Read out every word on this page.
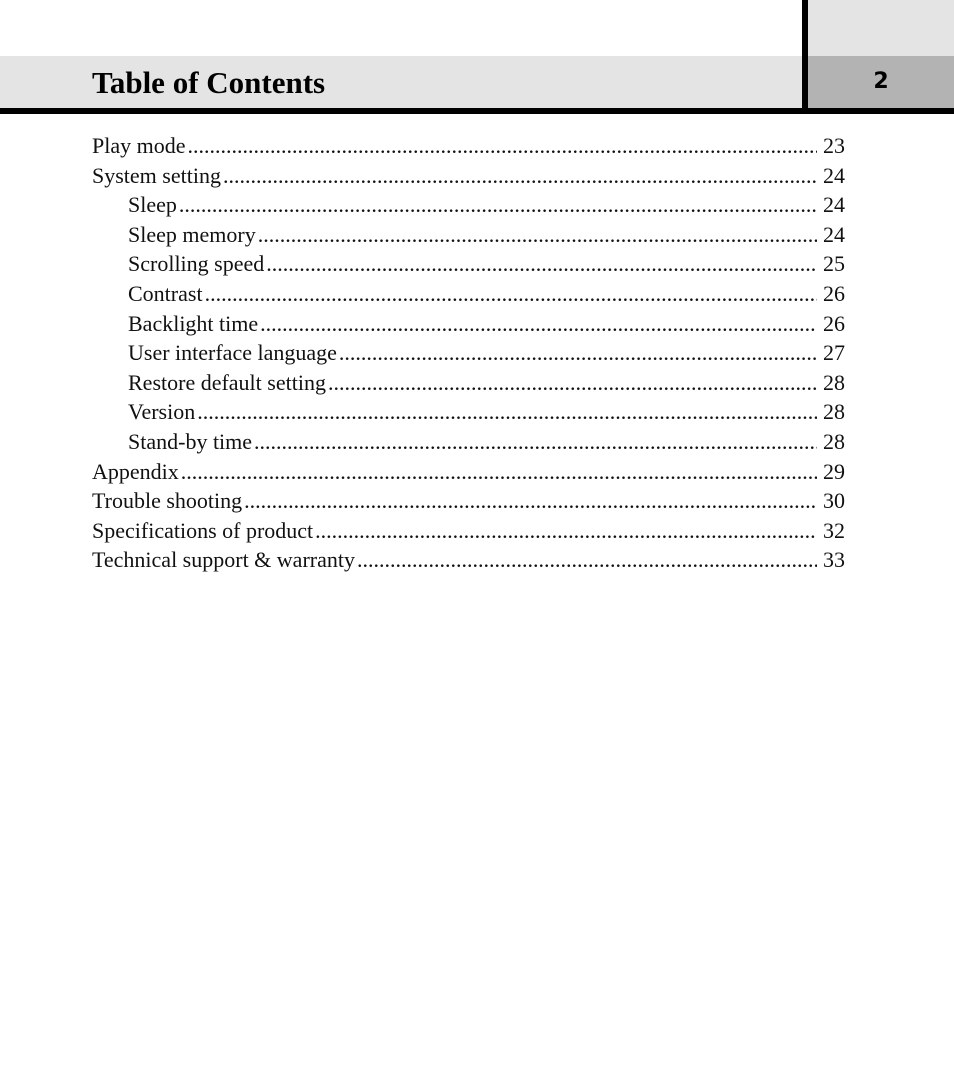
Table of Contents	2
Play mode .....	23
System setting .....	24
Sleep .....	24
Sleep memory .....	24
Scrolling speed .....	25
Contrast .....	26
Backlight time .....	26
User interface language .....	27
Restore default setting .....	28
Version .....	28
Stand-by time .....	28
Appendix .....	29
Trouble shooting .....	30
Specifications of product .....	32
Technical support & warranty .....	33
